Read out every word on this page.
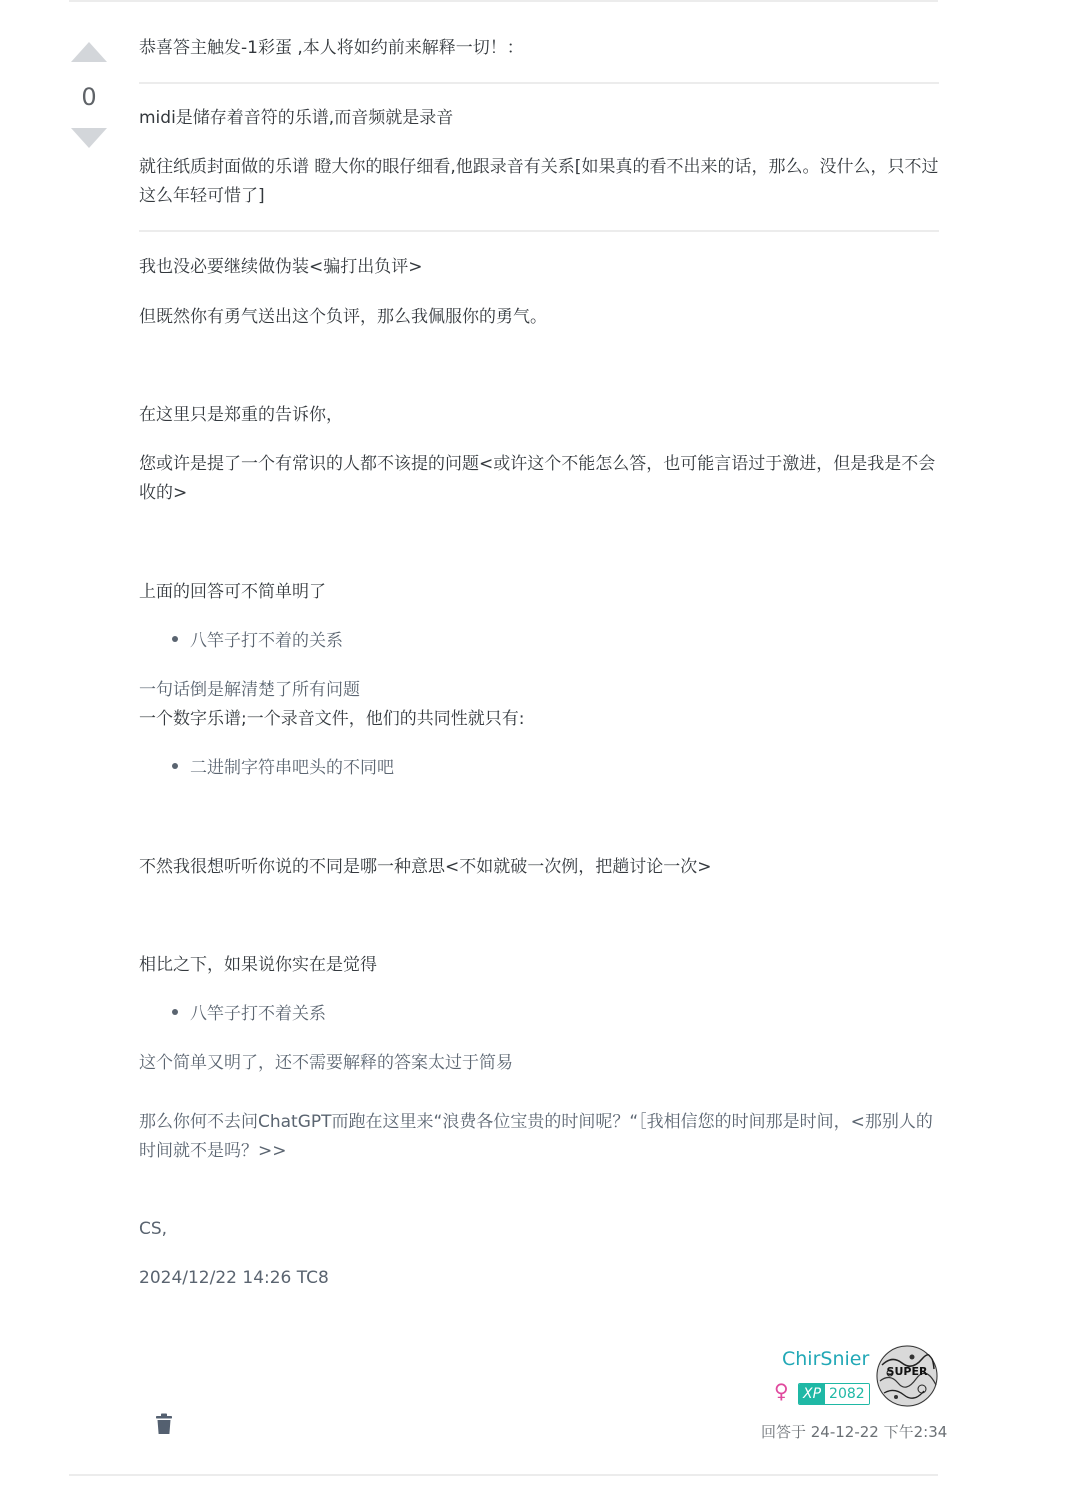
0
恭喜答主触发-1彩蛋 ,本人将如约前来解释一切！：
midi是储存着音符的乐谱,而音频就是录音
就往纸质封面做的乐谱 瞪大你的眼仔细看,他跟录音有关系[如果真的看不出来的话，那么。没什么，只不过这么年轻可惜了]
我也没必要继续做伪装<骗打出负评>
但既然你有勇气送出这个负评，那么我佩服你的勇气。
在这里只是郑重的告诉你，
您或许是提了一个有常识的人都不该提的问题<或许这个不能怎么答，也可能言语过于激进，但是我是不会收的>
上面的回答可不简单明了
八竿子打不着的关系
一句话倒是解清楚了所有问题
一个数字乐谱;一个录音文件，他们的共同性就只有:
二进制字符串吧头的不同吧
不然我很想听听你说的不同是哪一种意思<不如就破一次例，把趟讨论一次>
相比之下，如果说你实在是觉得
八竿子打不着关系
这个简单又明了，还不需要解释的答案太过于简易
那么你何不去问ChatGPT而跑在这里来“浪费各位宝贵的时间呢？“［我相信您的时间那是时间，<那别人的时间就不是吗？>>
CS,
2024/12/22 14:26 TC8
ChirSnier
SUPER
♀ XP 2082
回答于 24-12-22 下午2:34
